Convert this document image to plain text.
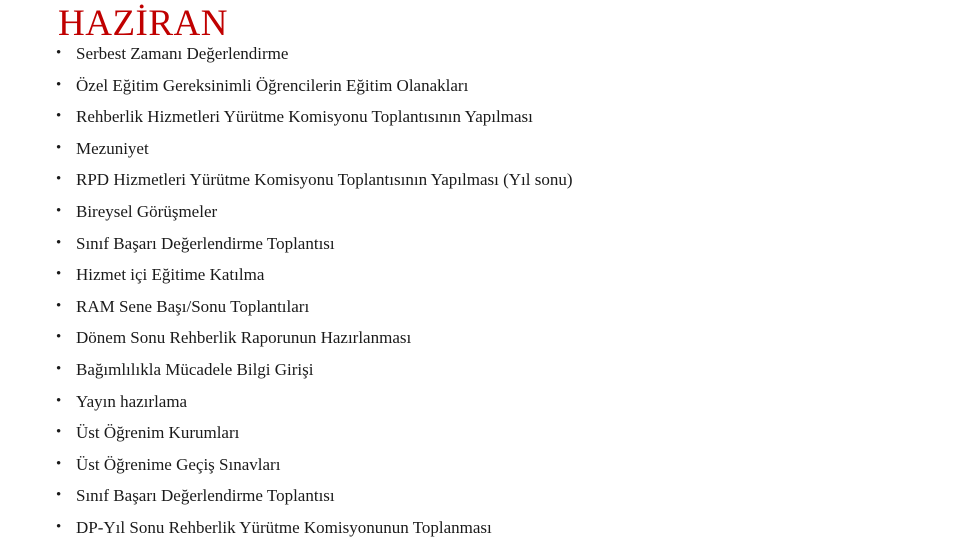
HAZİRAN
• Serbest Zamanı Değerlendirme
• Özel Eğitim Gereksinimli Öğrencilerin Eğitim Olanakları
• Rehberlik Hizmetleri Yürütme Komisyonu Toplantısının Yapılması
• Mezuniyet
• RPD Hizmetleri Yürütme Komisyonu Toplantısının Yapılması (Yıl sonu)
• Bireysel Görüşmeler
• Sınıf Başarı Değerlendirme Toplantısı
• Hizmet içi Eğitime Katılma
• RAM Sene Başı/Sonu Toplantıları
• Dönem Sonu Rehberlik Raporunun Hazırlanması
• Bağımlılıkla Mücadele Bilgi Girişi
• Yayın hazırlama
• Üst Öğrenim Kurumları
• Üst Öğrenime Geçiş Sınavları
• Sınıf Başarı Değerlendirme Toplantısı
• DP-Yıl Sonu Rehberlik Yürütme Komisyonunun Toplanması
